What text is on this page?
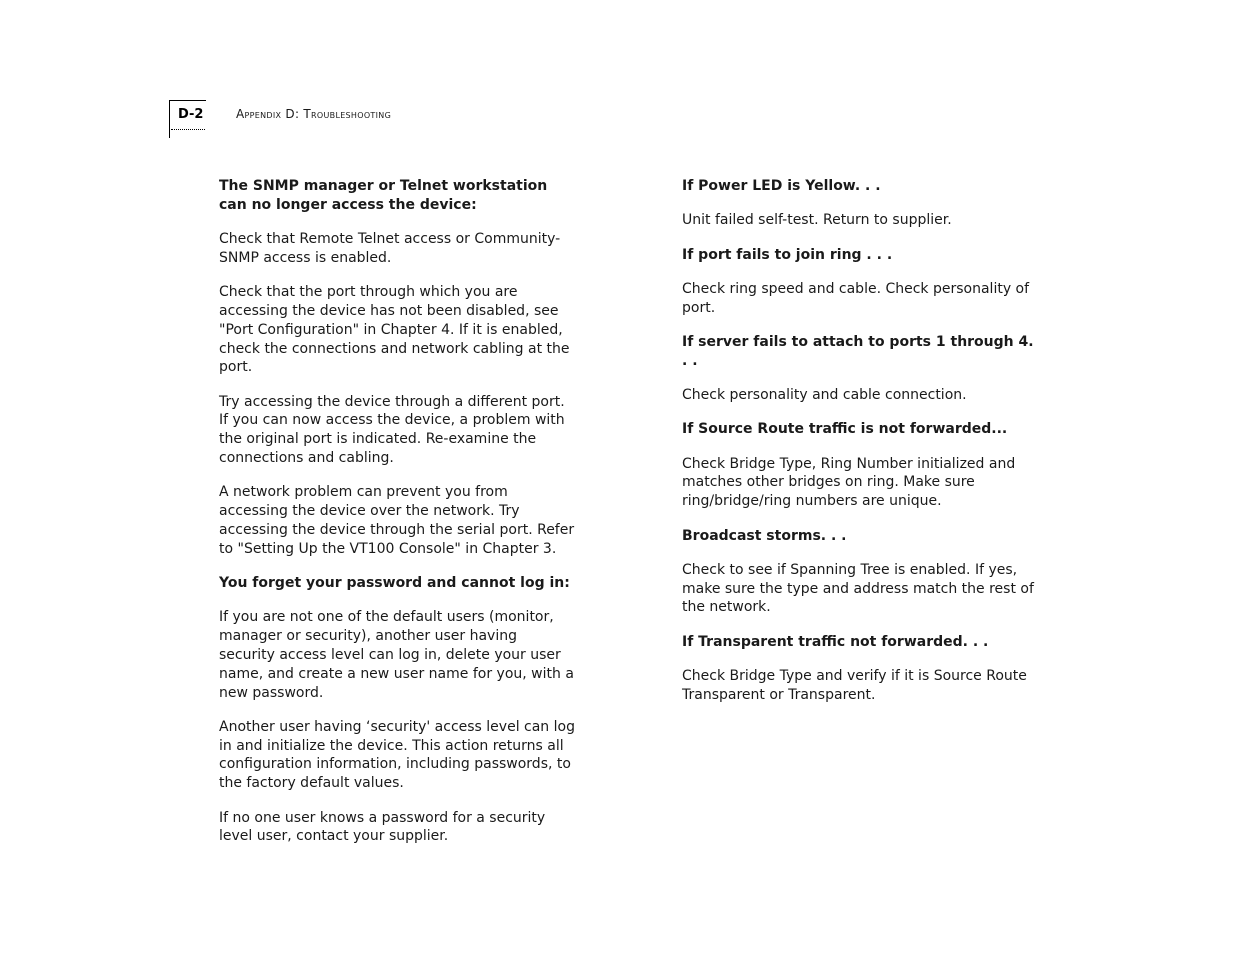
D-2	Appendix D: Troubleshooting
The SNMP manager or Telnet workstation can no longer access the device:

Check that Remote Telnet access or Community-SNMP access is enabled.

Check that the port through which you are accessing the device has not been disabled, see "Port Configuration" in Chapter 4. If it is enabled, check the connections and network cabling at the port.

Try accessing the device through a different port. If you can now access the device, a problem with the original port is indicated. Re-examine the connections and cabling.

A network problem can prevent you from accessing the device over the network. Try accessing the device through the serial port. Refer to "Setting Up the VT100 Console" in Chapter 3.

You forget your password and cannot log in:

If you are not one of the default users (monitor, manager or security), another user having security access level can log in, delete your user name, and create a new user name for you, with a new password.

Another user having ‘security' access level can log in and initialize the device. This action returns all configuration information, including passwords, to the factory default values.

If no one user knows a password for a security level user, contact your supplier.

If Power LED is Yellow. . .

Unit failed self-test. Return to supplier.

If port fails to join ring . . .

Check ring speed and cable. Check personality of port.

If server fails to attach to ports 1 through 4. . .

Check personality and cable connection.

If Source Route traffic is not forwarded...

Check Bridge Type, Ring Number initialized and matches other bridges on ring. Make sure ring/bridge/ring numbers are unique.

Broadcast storms. . .

Check to see if Spanning Tree is enabled. If yes, make sure the type and address match the rest of the network.

If Transparent traffic not forwarded. . .

Check Bridge Type and verify if it is Source Route Transparent or Transparent.
